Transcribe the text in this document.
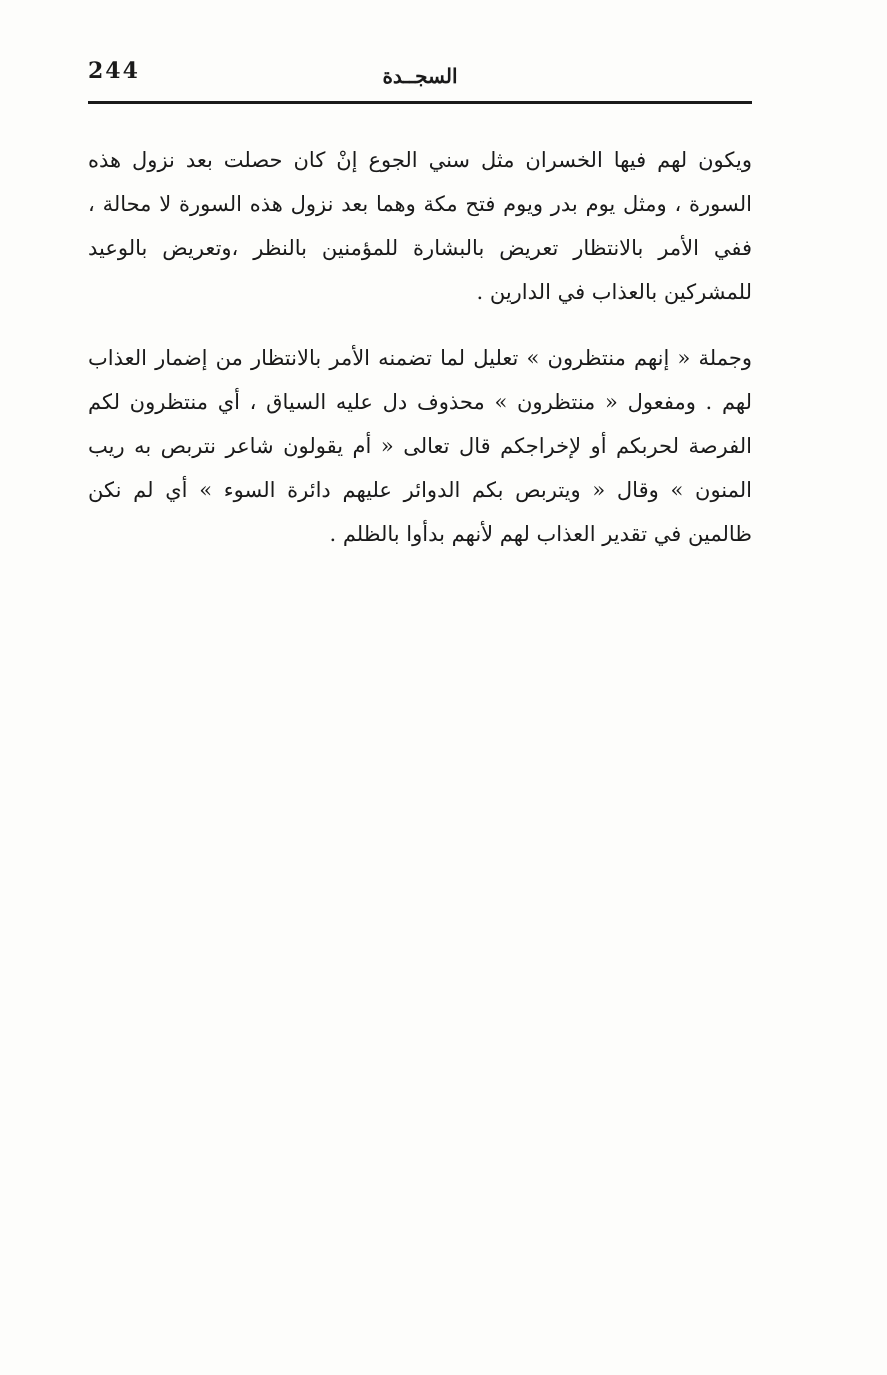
244	السجــدة

ويكون لهم فيها الخسران مثل سني الجوع إنْ كان حصلت بعد نزول هذه السورة ، ومثل يوم بدر ويوم فتح مكة وهما بعد نزول هذه السورة لا محالة ، ففي الأمر بالانتظار تعريض بالبشارة للمؤمنين بالنظر ،وتعريض بالوعيد للمشركين بالعذاب في الدارين .

وجملة « إنهم منتظرون » تعليل لما تضمنه الأمر بالانتظار من إضمار العذاب لهم . ومفعول « منتظرون » محذوف دل عليه السياق ، أي منتظرون لكم الفرصة لحربكم أو لإخراجكم قال تعالى « أم يقولون شاعر نتربص به ريب المنون » وقال « ويتربص بكم الدوائر عليهم دائرة السوء » أي لم نكن ظالمين في تقدير العذاب لهم لأنهم بدأوا بالظلم .
